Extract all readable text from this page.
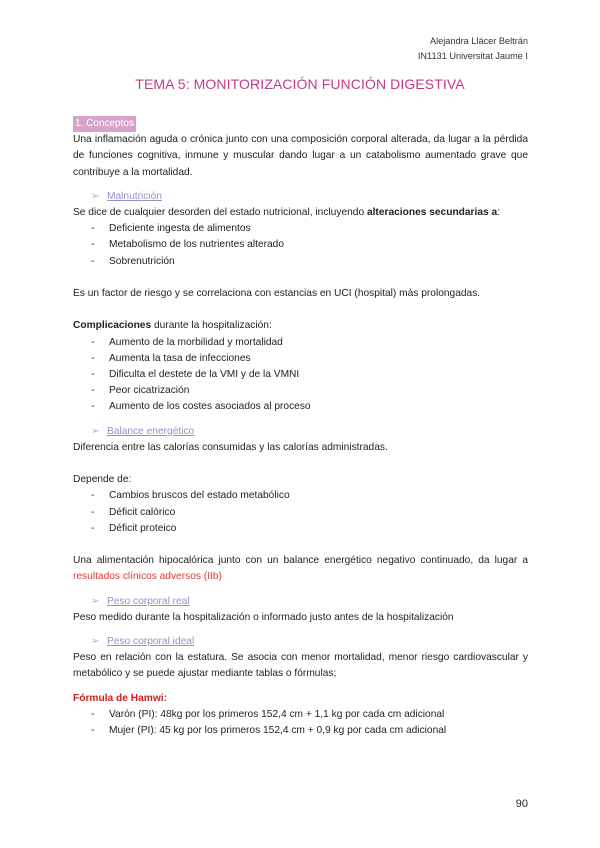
Alejandra Llácer Beltrán
IN1131 Universitat Jaume I
TEMA 5: MONITORIZACIÓN FUNCIÓN DIGESTIVA
1. Conceptos
Una inflamación aguda o crónica junto con una composición corporal alterada, da lugar a la pérdida de funciones cognitiva, inmune y muscular dando lugar a un catabolismo aumentado grave que contribuye a la mortalidad.
➢ Malnutrición
Se dice de cualquier desorden del estado nutricional, incluyendo alteraciones secundarias a:
- Deficiente ingesta de alimentos
- Metabolismo de los nutrientes alterado
- Sobrenutrición
Es un factor de riesgo y se correlaciona con estancias en UCI (hospital) más prolongadas.
Complicaciones durante la hospitalización:
- Aumento de la morbilidad y mortalidad
- Aumenta la tasa de infecciones
- Dificulta el destete de la VMI y de la VMNI
- Peor cicatrización
- Aumento de los costes asociados al proceso
➢ Balance energético
Diferencia entre las calorías consumidas y las calorías administradas.
Depende de:
- Cambios bruscos del estado metabólico
- Déficit calórico
- Déficit proteico
Una alimentación hipocalórica junto con un balance energético negativo continuado, da lugar a resultados clínicos adversos (IIb)
➢ Peso corporal real
Peso medido durante la hospitalización o informado justo antes de la hospitalización
➢ Peso corporal ideal
Peso en relación con la estatura. Se asocia con menor mortalidad, menor riesgo cardiovascular y metabólico y se puede ajustar mediante tablas o fórmulas;
Fórmula de Hamwi:
- Varón (PI): 48kg por los primeros 152,4 cm + 1,1 kg por cada cm adicional
- Mujer (PI): 45 kg por los primeros 152,4 cm + 0,9 kg por cada cm adicional
90
